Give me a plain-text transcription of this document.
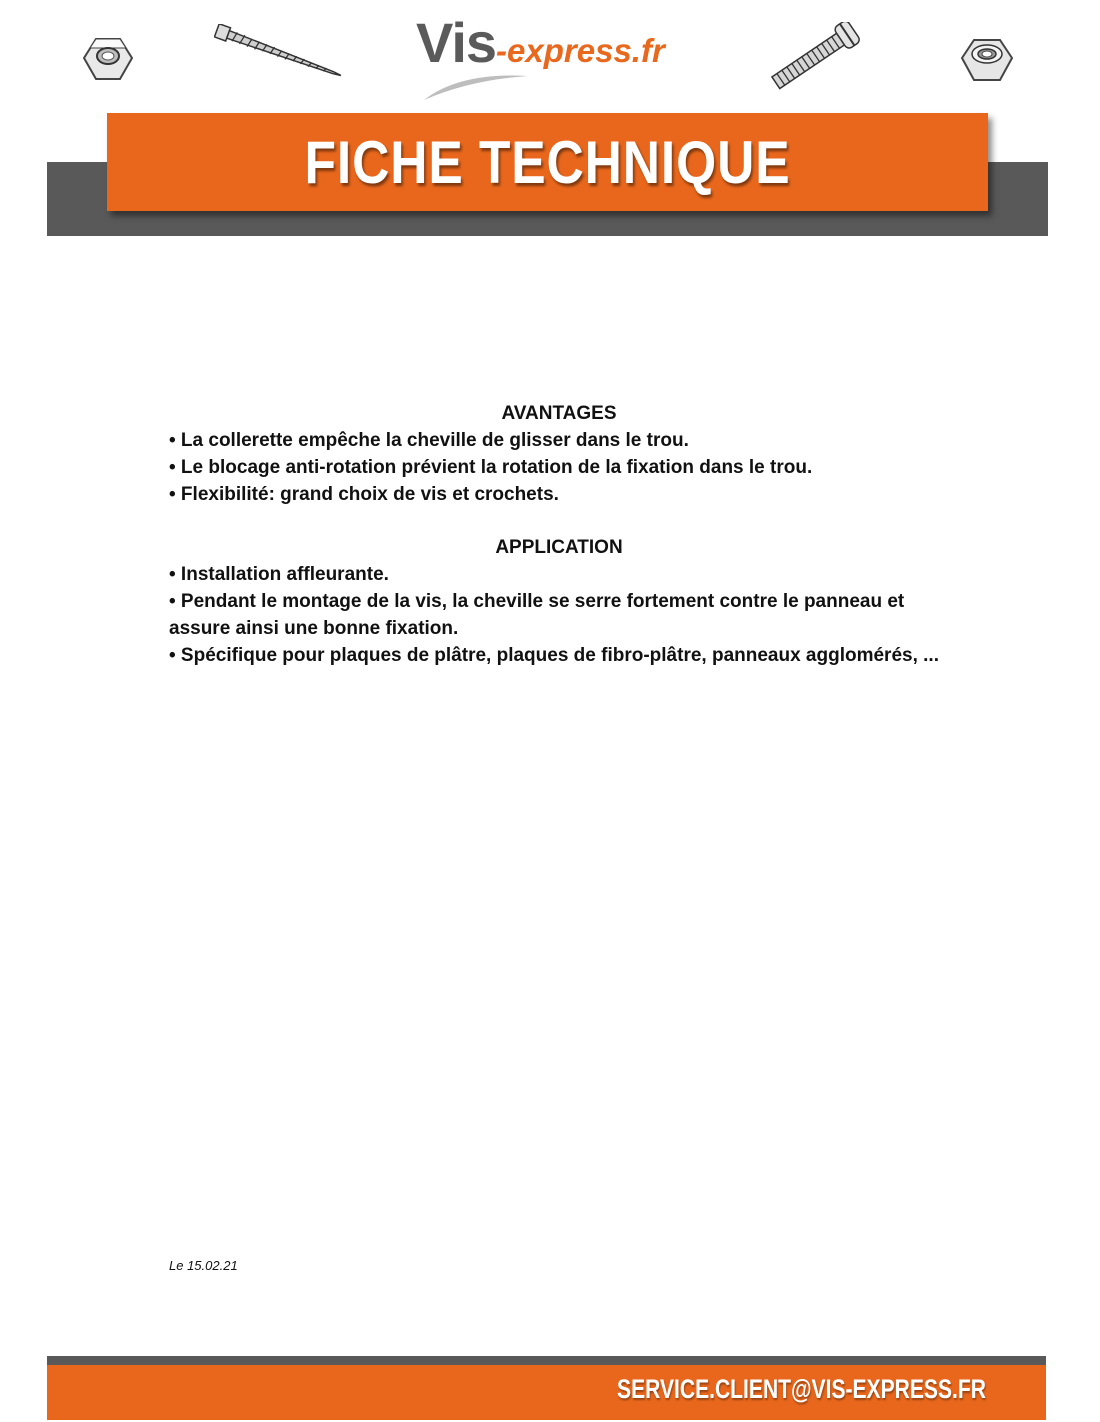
Vis-express.fr
FICHE TECHNIQUE
AVANTAGES
• La collerette empêche la cheville de glisser dans le trou.
• Le blocage anti-rotation prévient la rotation de la fixation dans le trou.
• Flexibilité: grand choix de vis et crochets.
APPLICATION
• Installation affleurante.
• Pendant le montage de la vis, la cheville se serre fortement contre le panneau et assure ainsi une bonne fixation.
• Spécifique pour plaques de plâtre, plaques de fibro-plâtre, panneaux agglomérés, ...
Le 15.02.21
SERVICE.CLIENT@VIS-EXPRESS.FR
